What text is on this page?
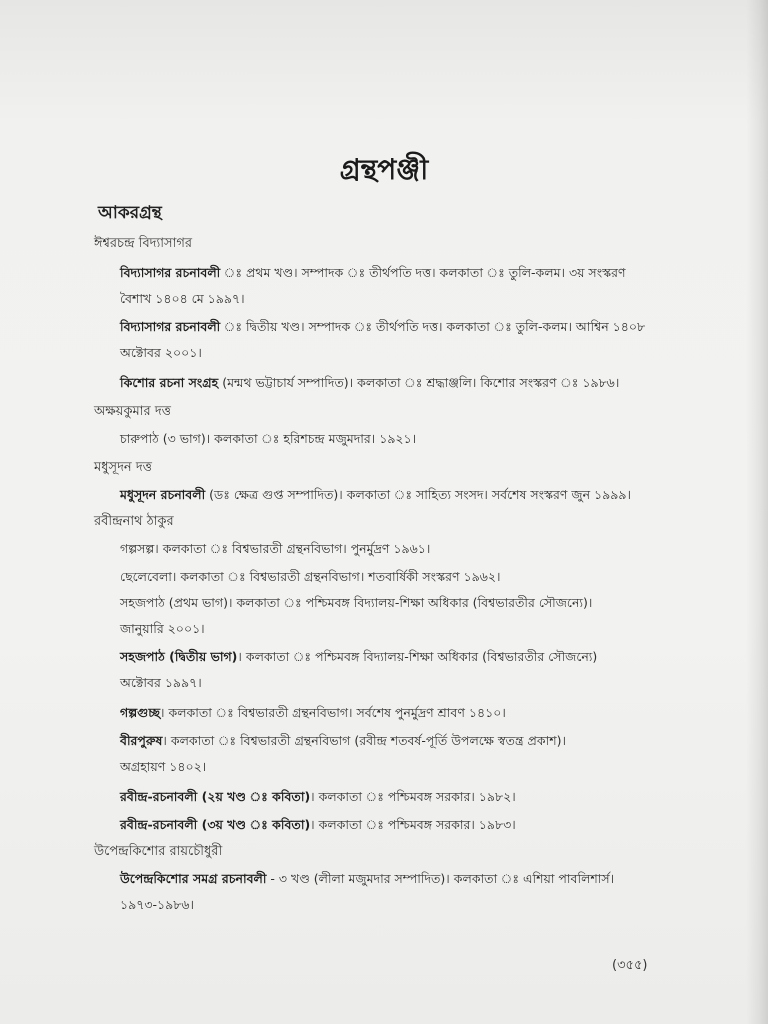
গ্রন্থপঞ্জী
আকরগ্রন্থ
ঈশ্বরচন্দ্র বিদ্যাসাগর
বিদ্যাসাগর রচনাবলী ঃ প্রথম খণ্ড। সম্পাদক ঃ তীর্থপতি দত্ত। কলকাতা ঃ তুলি-কলম। ৩য় সংস্করণ
বৈশাখ ১৪০৪ মে ১৯৯৭।
বিদ্যাসাগর রচনাবলী ঃ দ্বিতীয় খণ্ড। সম্পাদক ঃ তীর্থপতি দত্ত। কলকাতা ঃ তুলি-কলম। আশ্বিন ১৪০৮
অক্টোবর ২০০১।
কিশোর রচনা সংগ্রহ (মন্মথ ভট্টাচার্য সম্পাদিত)। কলকাতা ঃ শ্রদ্ধাঞ্জলি। কিশোর সংস্করণ ঃ ১৯৮৬।
অক্ষয়কুমার দত্ত
চারুপাঠ (৩ ভাগ)। কলকাতা ঃ হরিশচন্দ্র মজুমদার। ১৯২১।
মধুসূদন দত্ত
মধুসূদন রচনাবলী (ডঃ ক্ষেত্র গুপ্ত সম্পাদিত)। কলকাতা ঃ সাহিত্য সংসদ। সর্বশেষ সংস্করণ জুন ১৯৯৯।
রবীন্দ্রনাথ ঠাকুর
গল্পসল্প। কলকাতা ঃ বিশ্বভারতী গ্রন্থনবিভাগ। পুনর্মুদ্রণ ১৯৬১।
ছেলেবেলা। কলকাতা ঃ বিশ্বভারতী গ্রন্থনবিভাগ। শতবার্ষিকী সংস্করণ ১৯৬২।
সহজপাঠ (প্রথম ভাগ)। কলকাতা ঃ পশ্চিমবঙ্গ বিদ্যালয়-শিক্ষা অধিকার (বিশ্বভারতীর সৌজন্যে)।
জানুয়ারি ২০০১।
সহজপাঠ (দ্বিতীয় ভাগ)। কলকাতা ঃ পশ্চিমবঙ্গ বিদ্যালয়-শিক্ষা অধিকার (বিশ্বভারতীর সৌজন্যে)
অক্টোবর ১৯৯৭।
গল্পগুচ্ছ। কলকাতা ঃ বিশ্বভারতী গ্রন্থনবিভাগ। সর্বশেষ পুনর্মুদ্রণ শ্রাবণ ১৪১০।
বীরপুরুষ। কলকাতা ঃ বিশ্বভারতী গ্রন্থনবিভাগ (রবীন্দ্র শতবর্ষ-পূর্তি উপলক্ষে স্বতন্ত্র প্রকাশ)।
অগ্রহায়ণ ১৪০২।
রবীন্দ্র-রচনাবলী (২য় খণ্ড ঃ কবিতা)। কলকাতা ঃ পশ্চিমবঙ্গ সরকার। ১৯৮২।
রবীন্দ্র-রচনাবলী (৩য় খণ্ড ঃ কবিতা)। কলকাতা ঃ পশ্চিমবঙ্গ সরকার। ১৯৮৩।
উপেন্দ্রকিশোর রায়চৌধুরী
উপেন্দ্রকিশোর সমগ্র রচনাবলী - ৩ খণ্ড (লীলা মজুমদার সম্পাদিত)। কলকাতা ঃ এশিয়া পাবলিশার্স।
১৯৭৩-১৯৮৬।
(৩৫৫)
